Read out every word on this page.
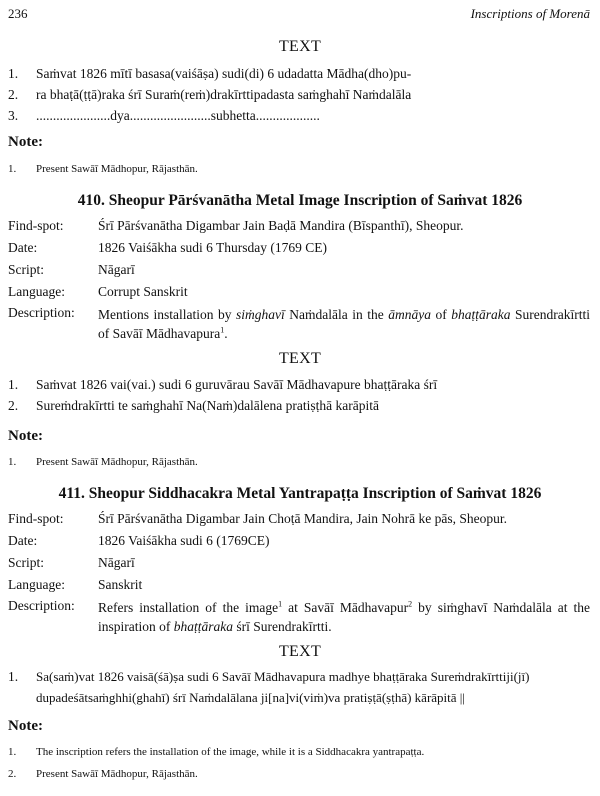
236	Inscriptions of Morenā
TEXT
1. Saṁvat 1826 mītī basasa(vaiśāṣa) sudi(di) 6 udadatta Mādha(dho)pu-
2. ra bhaṭā(ṭṭā)raka śrī Suraṁ(reṁ)drakīrttipadasta saṁghahī Naṁdalāla
3. ......................dya........................subhetta...................
Note:
1. Present Sawāī Mādhopur, Rājasthān.
410. Sheopur Pārśvanātha Metal Image Inscription of Saṁvat 1826
Find-spot:	Śrī Pārśvanātha Digambar Jain Baḍā Mandira (Bīspanthī), Sheopur.
Date:	1826 Vaiśākha sudi 6 Thursday (1769 CE)
Script:	Nāgarī
Language: Corrupt Sanskrit
Description: Mentions installation by siṁghavī Naṁdalāla in the āmnāya of bhaṭṭāraka Surendrakīrtti of Savāī Mādhavapura$^1$.
TEXT
1. Saṁvat 1826 vai(vai.) sudi 6 guruvārau Savāī Mādhavapure bhaṭṭāraka śrī
2. Sureṁdrakīrtti te saṁghahī Na(Naṁ)dalālena pratiṣṭhā karāpitā
Note:
1. Present Sawāī Mādhopur, Rājasthān.
411. Sheopur Siddhacakra Metal Yantrapaṭṭa Inscription of Saṁvat 1826
Find-spot:	Śrī Pārśvanātha Digambar Jain Choṭā Mandira, Jain Nohrā ke pās, Sheopur.
Date:	1826 Vaiśākha sudi 6 (1769CE)
Script:	Nāgarī
Language: Sanskrit
Description: Refers installation of the image$^1$ at Savāī Mādhavapur$^2$ by siṁghavī Naṁdalāla at the inspiration of bhaṭṭāraka śrī Surendrakīrtti.
TEXT
1. Sa(saṁ)vat 1826 vaisā(śā)ṣa sudi 6 Savāī Mādhavapura madhye bhaṭṭāraka Sureṁdrakīrttiji(jī)
dupadeśātsaṁghhi(ghahī) śrī Naṁdalālana ji[na]vi(viṁ)va pratiṣṭā(ṣṭhā) kārāpitā ||
Note:
1. The inscription refers the installation of the image, while it is a Siddhacakra yantrapaṭṭa.
2. Present Sawāī Mādhopur, Rājasthān.
